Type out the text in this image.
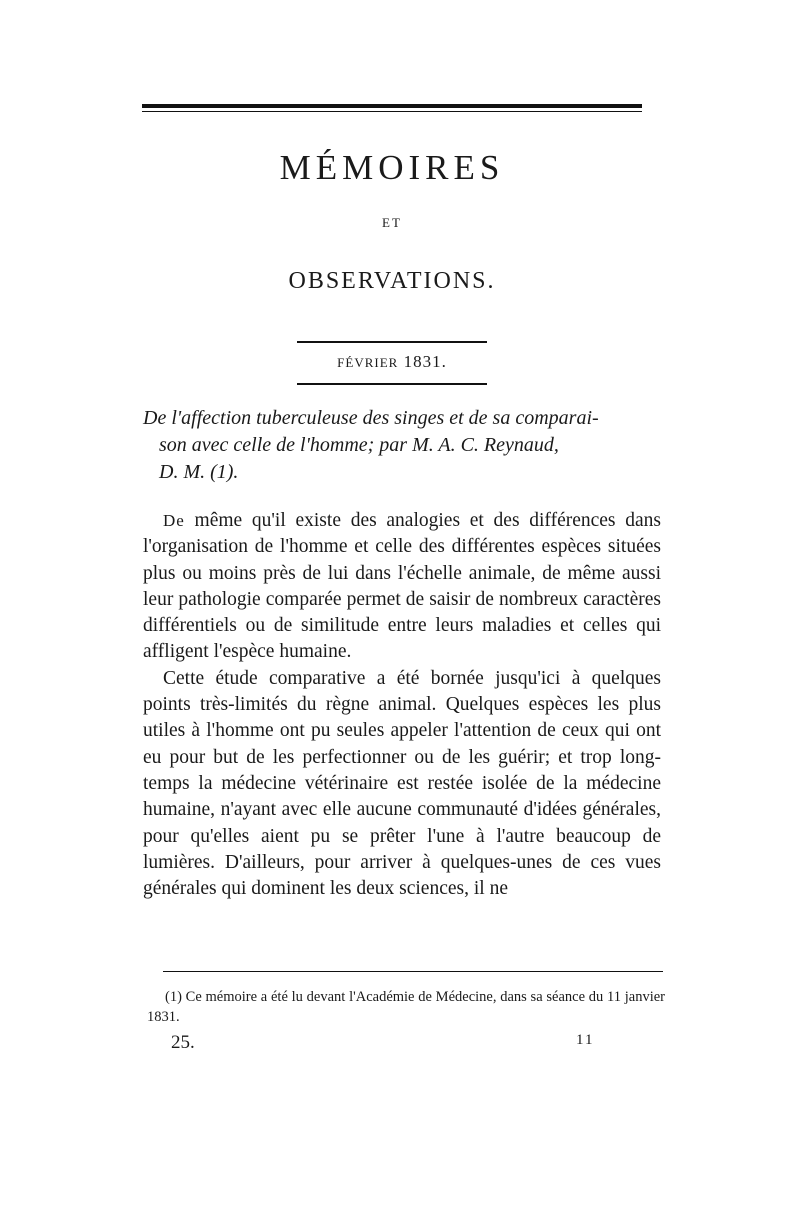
MÉMOIRES
ET
OBSERVATIONS.
FÉVRIER 1831.
De l'affection tuberculeuse des singes et de sa comparai-
son avec celle de l'homme; par M. A. C. Reynaud,
D. M. (1).

De même qu'il existe des analogies et des différences dans l'organisation de l'homme et celle des différentes espèces situées plus ou moins près de lui dans l'échelle animale, de même aussi leur pathologie comparée permet de saisir de nombreux caractères différentiels ou de similitude entre leurs maladies et celles qui affligent l'espèce humaine.

Cette étude comparative a été bornée jusqu'ici à quelques points très-limités du règne animal. Quelques espèces les plus utiles à l'homme ont pu seules appeler l'attention de ceux qui ont eu pour but de les perfectionner ou de les guérir; et trop long-temps la médecine vétérinaire est restée isolée de la médecine humaine, n'ayant avec elle aucune communauté d'idées générales, pour qu'elles aient pu se prêter l'une à l'autre beaucoup de lumières. D'ailleurs, pour arriver à quelques-unes de ces vues générales qui dominent les deux sciences, il ne

(1) Ce mémoire a été lu devant l'Académie de Médecine, dans sa séance du 11 janvier 1831.

25.	11
